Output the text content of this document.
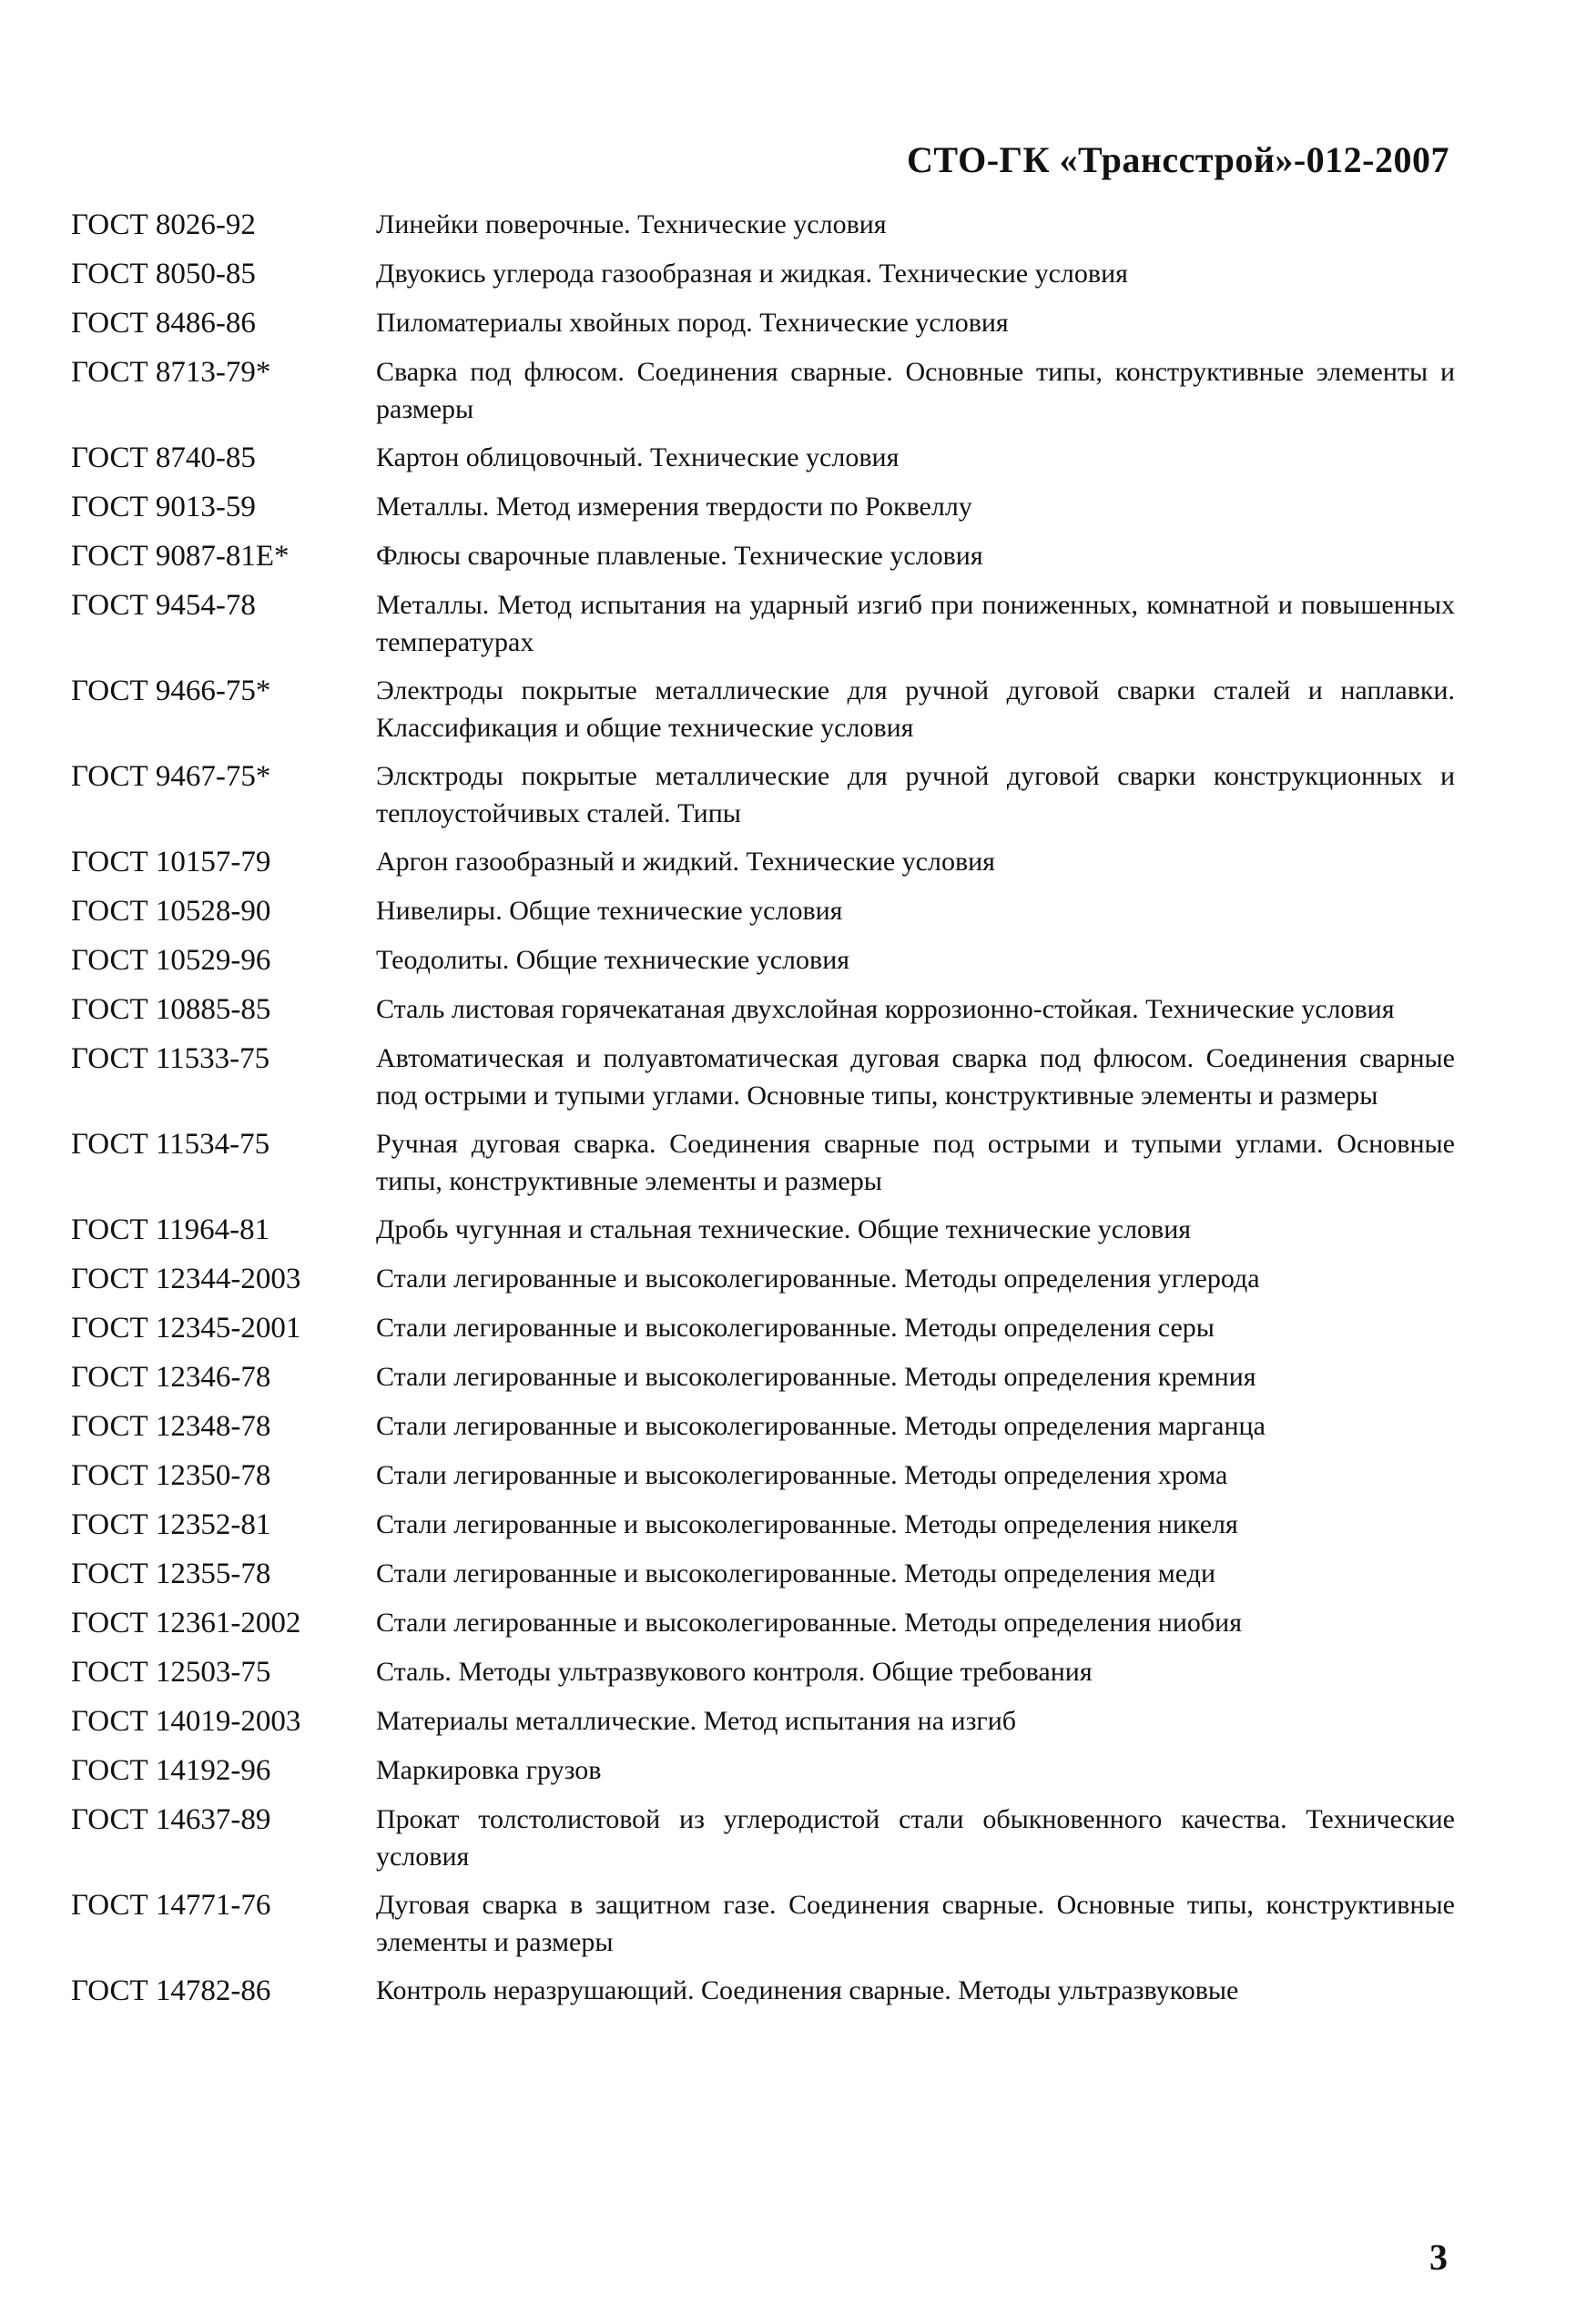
СТО-ГК «Трансстрой»-012-2007
ГОСТ 8026-92	Линейки поверочные. Технические условия
ГОСТ 8050-85	Двуокись углерода газообразная и жидкая. Технические условия
ГОСТ 8486-86	Пиломатериалы хвойных пород. Технические условия
ГОСТ 8713-79*	Сварка под флюсом. Соединения сварные. Основные типы, конструктивные элементы и размеры
ГОСТ 8740-85	Картон облицовочный. Технические условия
ГОСТ 9013-59	Металлы. Метод измерения твердости по Роквеллу
ГОСТ 9087-81Е*	Флюсы сварочные плавленые. Технические условия
ГОСТ 9454-78	Металлы. Метод испытания на ударный изгиб при пониженных, комнатной и повышенных температурах
ГОСТ 9466-75*	Электроды покрытые металлические для ручной дуговой сварки сталей и наплавки. Классификация и общие технические условия
ГОСТ 9467-75*	Элсктроды покрытые металлические для ручной дуговой сварки конструкционных и теплоустойчивых сталей. Типы
ГОСТ 10157-79	Аргон газообразный и жидкий. Технические условия
ГОСТ 10528-90	Нивелиры. Общие технические условия
ГОСТ 10529-96	Теодолиты. Общие технические условия
ГОСТ 10885-85	Сталь листовая горячекатаная двухслойная коррозионно-стойкая. Технические условия
ГОСТ 11533-75	Автоматическая и полуавтоматическая дуговая сварка под флюсом. Соединения сварные под острыми и тупыми углами. Основные типы, конструктивные элементы и размеры
ГОСТ 11534-75	Ручная дуговая сварка. Соединения сварные под острыми и тупыми углами. Основные типы, конструктивные элементы и размеры
ГОСТ 11964-81	Дробь чугунная и стальная технические. Общие технические условия
ГОСТ 12344-2003	Стали легированные и высоколегированные. Методы определения углерода
ГОСТ 12345-2001	Стали легированные и высоколегированные. Методы определения серы
ГОСТ 12346-78	Стали легированные и высоколегированные. Методы определения кремния
ГОСТ 12348-78	Стали легированные и высоколегированные. Методы определения марганца
ГОСТ 12350-78	Стали легированные и высоколегированные. Методы определения хрома
ГОСТ 12352-81	Стали легированные и высоколегированные. Методы определения никеля
ГОСТ 12355-78	Стали легированные и высоколегированные. Методы определения меди
ГОСТ 12361-2002	Стали легированные и высоколегированные. Методы определения ниобия
ГОСТ 12503-75	Сталь. Методы ультразвукового контроля. Общие требования
ГОСТ 14019-2003	Материалы металлические. Метод испытания на изгиб
ГОСТ 14192-96	Маркировка грузов
ГОСТ 14637-89	Прокат толстолистовой из углеродистой стали обыкновенного качества. Технические условия
ГОСТ 14771-76	Дуговая сварка в защитном газе. Соединения сварные. Основные типы, конструктивные элементы и размеры
ГОСТ 14782-86	Контроль неразрушающий. Соединения сварные. Методы ультразвуковые
3
